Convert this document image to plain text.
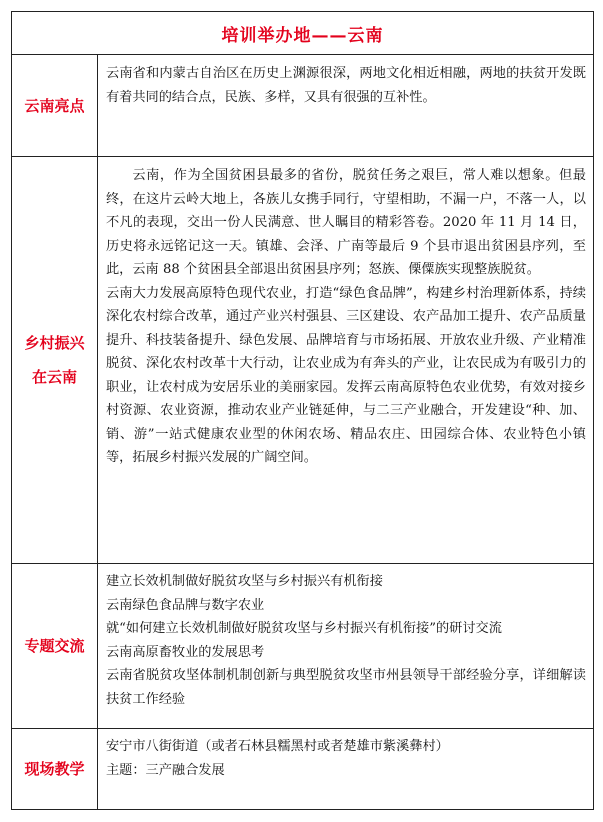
培训举办地——云南
云南亮点

云南省和内蒙古自治区在历史上渊源很深，两地文化相近相融，两地的扶贫开发既有着共同的结合点，民族、多样，又具有很强的互补性。

乡村振兴
在云南

云南，作为全国贫困县最多的省份，脱贫任务之艰巨，常人难以想象。但最终，在这片云岭大地上，各族儿女携手同行，守望相助，不漏一户，不落一人，以不凡的表现，交出一份人民满意、世人瞩目的精彩答卷。2020 年 11 月 14 日，历史将永远铭记这一天。镇雄、会泽、广南等最后 9 个县市退出贫困县序列，至此，云南 88 个贫困县全部退出贫困县序列；怒族、傈僳族实现整族脱贫。

云南大力发展高原特色现代农业，打造“绿色食品牌”，构建乡村治理新体系，持续深化农村综合改革，通过产业兴村强县、三区建设、农产品加工提升、农产品质量提升、科技装备提升、绿色发展、品牌培育与市场拓展、开放农业升级、产业精准脱贫、深化农村改革十大行动，让农业成为有奔头的产业，让农民成为有吸引力的职业，让农村成为安居乐业的美丽家园。发挥云南高原特色农业优势，有效对接乡村资源、农业资源，推动农业产业链延伸，与二三产业融合，开发建设“种、加、销、游”一站式健康农业型的休闲农场、精品农庄、田园综合体、农业特色小镇等，拓展乡村振兴发展的广阔空间。

专题交流

建立长效机制做好脱贫攻坚与乡村振兴有机衔接

云南绿色食品牌与数字农业

就“如何建立长效机制做好脱贫攻坚与乡村振兴有机衔接”的研讨交流

云南高原畜牧业的发展思考

云南省脱贫攻坚体制机制创新与典型脱贫攻坚市州县领导干部经验分享，详细解读扶贫工作经验

现场教学

安宁市八街街道（或者石林县糯黑村或者楚雄市紫溪彝村）

主题：三产融合发展
